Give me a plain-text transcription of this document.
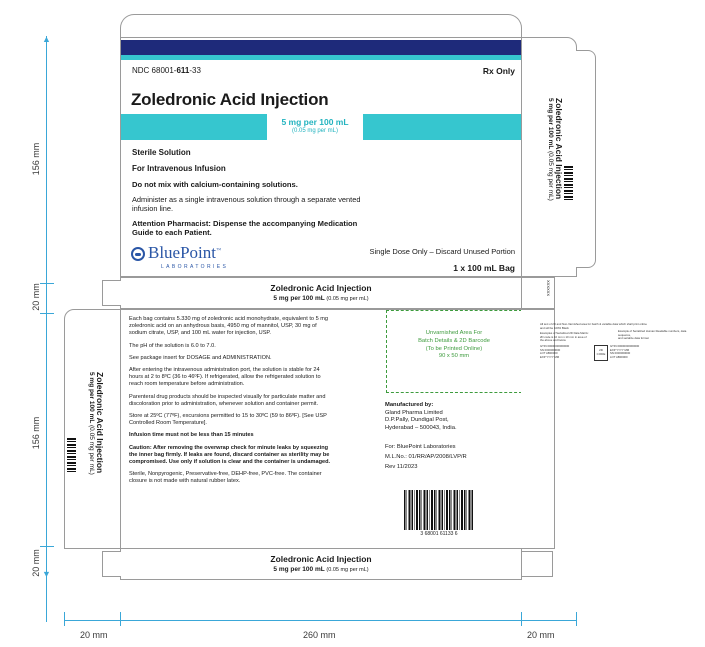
▲
▼
156 mm
20 mm
156 mm
20 mm
20 mm	260 mm	20 mm
NDC 68001-611-33	Rx Only
Zoledronic Acid Injection
5 mg per 100 mL
(0.05 mg per mL)
Sterile Solution
For Intravenous Infusion
Do not mix with calcium-containing solutions.
Administer as a single intravenous solution through a separate vented infusion line.
Attention Pharmacist: Dispense the accompanying Medication Guide to each Patient.
BluePoint™
LABORATORIES
Single Dose Only – Discard Unused Portion
1 x 100 mL Bag
Zoledronic Acid Injection
5 mg per 100 mL (0.05 mg per mL)
Zoledronic Acid Injection
5 mg per 100 mL (0.05 mg per mL)
XXXXXX
Zoledronic Acid Injection
5 mg per 100 mL (0.05 mg per mL)

Each bag contains 5.330 mg of zoledronic acid monohydrate, equivalent to 5 mg zoledronic acid on an anhydrous basis, 4950 mg of mannitol, USP, 30 mg of sodium citrate, USP, and 100 mL water for injection, USP.

The pH of the solution is 6.0 to 7.0.

See package insert for DOSAGE and ADMINISTRATION.

After entering the intravenous administration port, the solution is stable for 24 hours at 2 to 8ºC (36 to 46ºF). If refrigerated, allow the refrigerated solution to reach room temperature before administration.

Parenteral drug products should be inspected visually for particulate matter and discoloration prior to administration, whenever solution and container permit.

Store at 25ºC (77ºF), excursions permitted to 15 to 30ºC (59 to 86ºF). [See USP Controlled Room Temperature].

Infusion time must not be less than 15 minutes

Caution: After removing the overwrap check for minute leaks by squeezing the inner bag firmly. If leaks are found, discard container as sterility may be compromised. Use only if solution is clear and the container is undamaged.

Sterile, Nonpyrogenic, Preservative-free, DEHP-free, PVC-free. The container closure is not made with natural rubber latex.

Unvarnished Area For
Batch Details & 2D Barcode
(To be Printed Online)
90 x 50 mm
Manufactured by:
Gland Pharma Limited
D.P.Pally, Dundigal Post,
Hyderabad – 500043, India.
For: BluePoint Laboratories
M.L.No.: 01/RR/AP/2008/LVP/R
Rev 11/2023
3 68001 61133 6
Zoledronic Acid Injection
5 mg per 100 mL (0.05 mg per mL)
All text of 2D and Non-Varnished area for batch & variable data which shall print online
and will be 100% Black
Examples of Serialized 2D Data Matrix:
2D code is 10 mm x 10 mm in area of
the above and below
Example of Serialized Human Readable numbers, data sequence,
and serialize data format
GTIN 00000000000000
SN 0000000000
LOT AB00000
EXP YYYY MM
2D
CODE
GTIN 00000000000000
EXP YYYY MM
SN 0000000000
LOT AB00000
